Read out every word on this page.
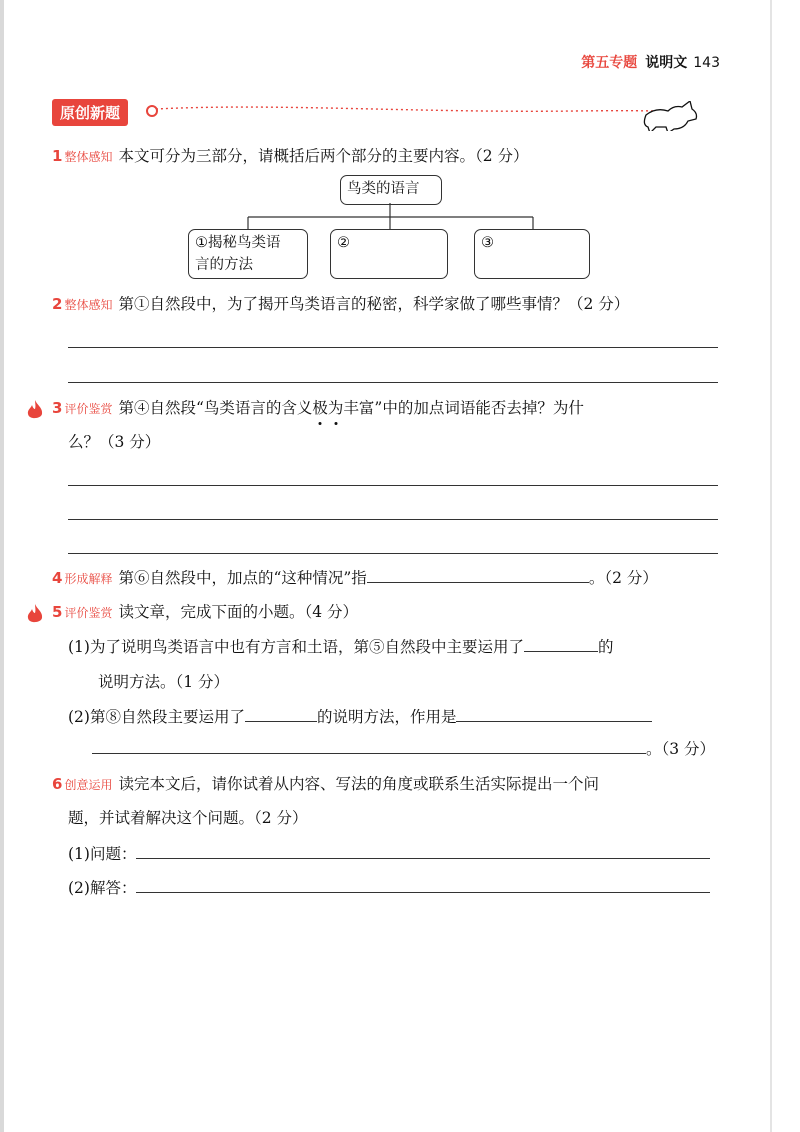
第五专题 说明文 143
原创新题
1 整体感知 本文可分为三部分，请概括后两个部分的主要内容。（2 分）
鸟类的语言
①揭秘鸟类语
言的方法
②	③
2 整体感知 第①自然段中，为了揭开鸟类语言的秘密，科学家做了哪些事情？（2 分）
3 评价鉴赏 第④自然段“鸟类语言的含义极为丰富”中的加点词语能否去掉？为什
么？（3 分）
4 形成解释 第⑥自然段中，加点的“这种情况”指	。（2 分）
5 评价鉴赏 读文章，完成下面的小题。（4 分）
(1)为了说明鸟类语言中也有方言和土语，第⑤自然段中主要运用了	的
说明方法。（1 分）
(2)第⑧自然段主要运用了	的说明方法，作用是
。（3 分）
6 创意运用 读完本文后，请你试着从内容、写法的角度或联系生活实际提出一个问
题，并试着解决这个问题。（2 分）
(1)问题：
(2)解答：
